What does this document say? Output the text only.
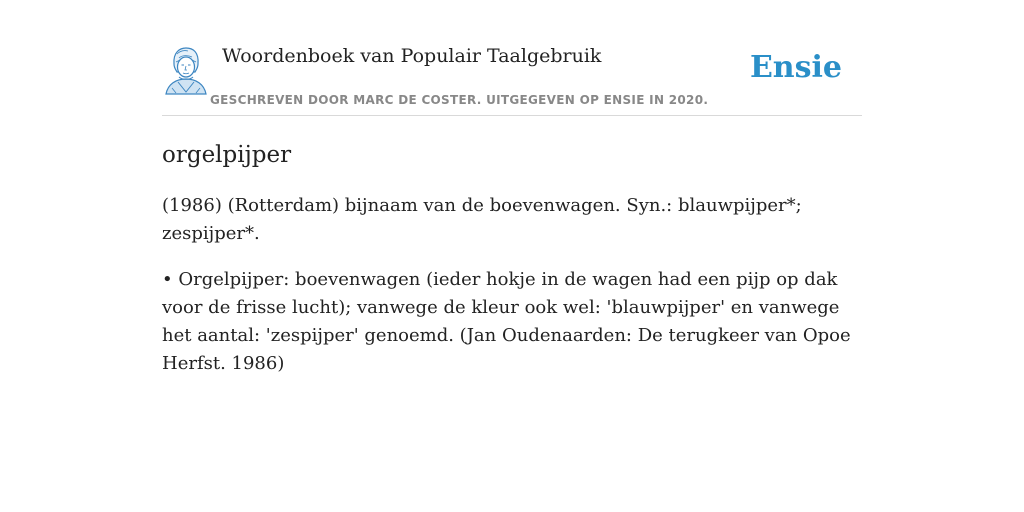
Woordenboek van Populair Taalgebruik
GESCHREVEN DOOR MARC DE COSTER. UITGEGEVEN OP ENSIE IN 2020.
Ensie
orgelpijper

(1986) (Rotterdam) bijnaam van de boevenwagen. Syn.: blauwpijper*; zespijper*.

• Orgelpijper: boevenwagen (ieder hokje in de wagen had een pijp op dak voor de frisse lucht); vanwege de kleur ook wel: 'blauwpijper' en vanwege het aantal: 'zespijper' genoemd. (Jan Oudenaarden: De terugkeer van Opoe Herfst. 1986)
